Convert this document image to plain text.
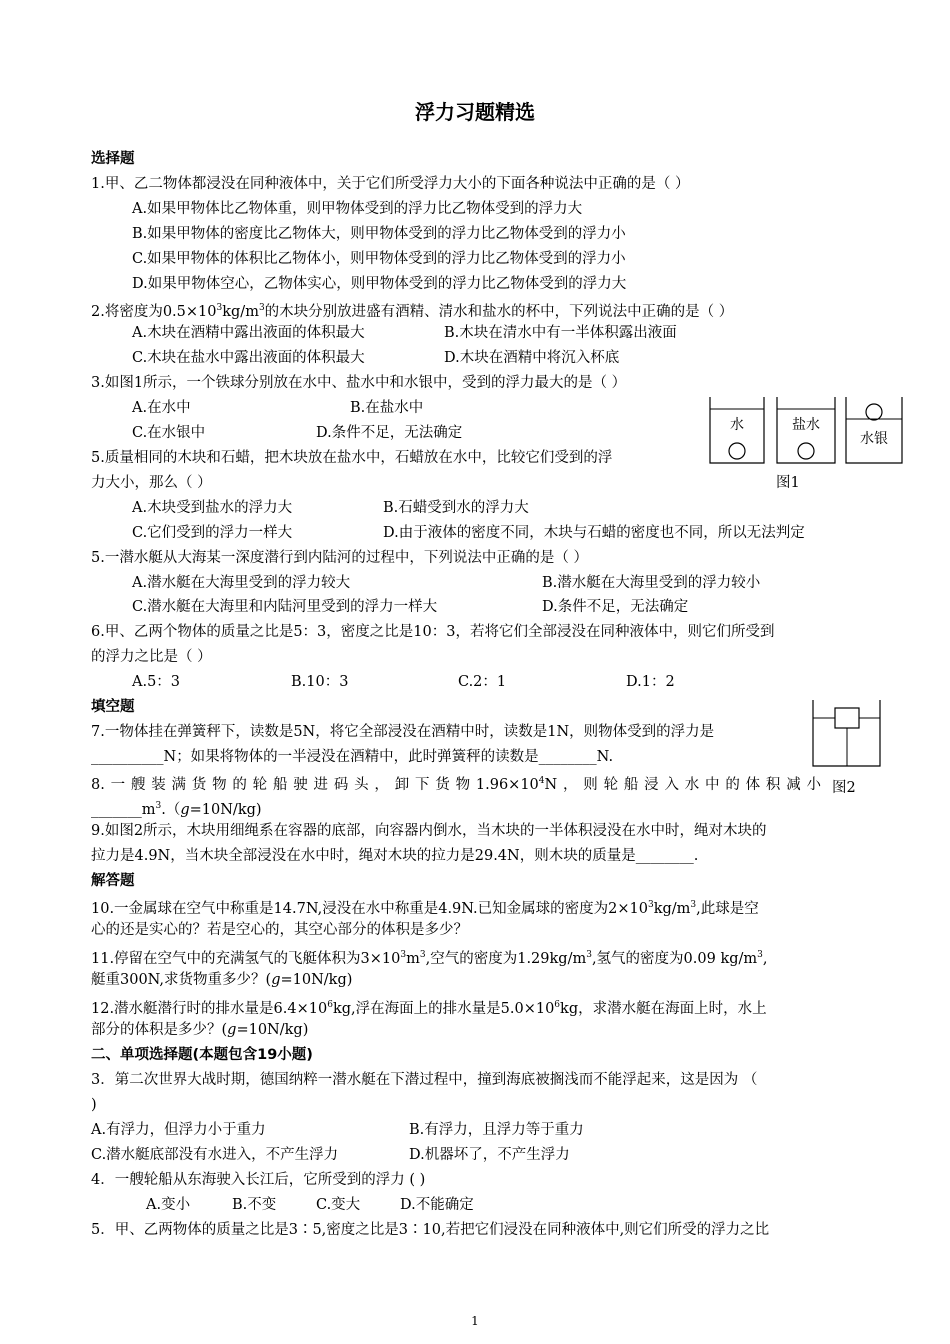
浮力习题精选
选择题
1.甲、乙二物体都浸没在同种液体中，关于它们所受浮力大小的下面各种说法中正确的是（ ）
A.如果甲物体比乙物体重，则甲物体受到的浮力比乙物体受到的浮力大
B.如果甲物体的密度比乙物体大，则甲物体受到的浮力比乙物体受到的浮力小
C.如果甲物体的体积比乙物体小，则甲物体受到的浮力比乙物体受到的浮力小
D.如果甲物体空心，乙物体实心，则甲物体受到的浮力比乙物体受到的浮力大
2.将密度为$0.5\times 10^3kg/m^3$的木块分别放进盛有酒精、清水和盐水的杯中，下列说法中正确的是（ ）
A.木块在酒精中露出液面的体积最大	B.木块在清水中有一半体积露出液面
C.木块在盐水中露出液面的体积最大	D.木块在酒精中将沉入杯底
3.如图1所示，一个铁球分别放在水中、盐水中和水银中，受到的浮力最大的是（ ）
A.在水中	B.在盐水中
C.在水银中	D.条件不足，无法确定	水	盐水
水银
图1
5.质量相同的木块和石蜡，把木块放在盐水中，石蜡放在水中，比较它们受到的浮
力大小，那么（ ）
A.木块受到盐水的浮力大	B.石蜡受到水的浮力大
C.它们受到的浮力一样大	D.由于液体的密度不同，木块与石蜡的密度也不同，所以无法判定
5.一潜水艇从大海某一深度潜行到内陆河的过程中，下列说法中正确的是（ ）
A.潜水艇在大海里受到的浮力较大	B.潜水艇在大海里受到的浮力较小
C.潜水艇在大海里和内陆河里受到的浮力一样大	D.条件不足，无法确定
6.甲、乙两个物体的质量之比是5：3，密度之比是10：3，若将它们全部浸没在同种液体中，则它们所受到
的浮力之比是（ ）
A.5：3	B.10：3	C.2：1	D.1：2
填空题
图2
7.一物体挂在弹簧秤下，读数是5N，将它全部浸没在酒精中时，读数是1N，则物体受到的浮力是
__________N；如果将物体的一半浸没在酒精中，此时弹簧秤的读数是________N.
8.一艘装满货物的轮船驶进码头，卸下货物$1.96\times 10^4N$，则轮船浸入水中的体积减小
$\_\_\_\_\_\_\_m^3.(g=10N/kg)$
9.如图2所示，木块用细绳系在容器的底部，向容器内倒水，当木块的一半体积浸没在水中时，绳对木块的
拉力是4.9N，当木块全部浸没在水中时，绳对木块的拉力是29.4N，则木块的质量是________.
解答题
10.一金属球在空气中称重是14.7N,浸没在水中称重是4.9N.已知金属球的密度为$2\times 10^3kg/m^3$,此球是空
心的还是实心的？若是空心的，其空心部分的体积是多少？
11.停留在空气中的充满氢气的飞艇体积为$3\times 10^3m^3$,空气的密度为$1.29kg/m^3$,氢气的密度为0.09 $kg/m^3$,
艇重300N,求货物重多少？(g=10N/kg)
12.潜水艇潜行时的排水量是$6.4\times 10^6kg$,浮在海面上的排水量是$5.0\times 10^6kg$，求潜水艇在海面上时，水上
部分的体积是多少？(g=10N/kg)
二、单项选择题(本题包含19小题)
3．第二次世界大战时期，德国纳粹一潜水艇在下潜过程中，撞到海底被搁浅而不能浮起来，这是因为 （
)
A.有浮力，但浮力小于重力	B.有浮力，且浮力等于重力
C.潜水艇底部没有水进入，不产生浮力	D.机器坏了，不产生浮力
4．一艘轮船从东海驶入长江后，它所受到的浮力 ( )
A.变小	B.不变	C.变大	D.不能确定
5．甲、乙两物体的质量之比是3∶5,密度之比是3∶10,若把它们浸没在同种液体中,则它们所受的浮力之比
1
